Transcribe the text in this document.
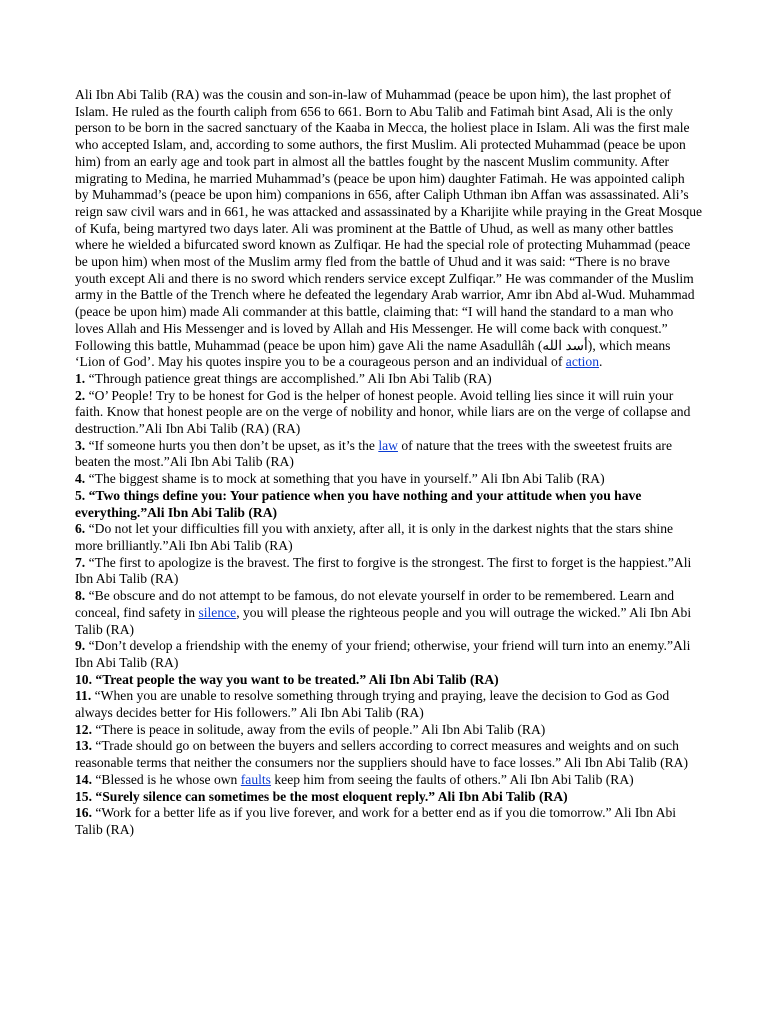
Ali Ibn Abi Talib (RA) was the cousin and son-in-law of Muhammad (peace be upon him), the last prophet of Islam. He ruled as the fourth caliph from 656 to 661. Born to Abu Talib and Fatimah bint Asad, Ali is the only person to be born in the sacred sanctuary of the Kaaba in Mecca, the holiest place in Islam. Ali was the first male who accepted Islam, and, according to some authors, the first Muslim. Ali protected Muhammad (peace be upon him) from an early age and took part in almost all the battles fought by the nascent Muslim community. After migrating to Medina, he married Muhammad’s (peace be upon him) daughter Fatimah. He was appointed caliph

by Muhammad’s (peace be upon him) companions in 656, after Caliph Uthman ibn Affan was assassinated. Ali’s reign saw civil wars and in 661, he was attacked and assassinated by a Kharijite while praying in the Great Mosque of Kufa, being martyred two days later. Ali was prominent at the Battle of Uhud, as well as many other battles where he wielded a bifurcated sword known as Zulfiqar. He had the special role of protecting Muhammad (peace be upon him) when most of the Muslim army fled from the battle of Uhud and it was said: “There is no brave youth except Ali and there is no sword which renders service except Zulfiqar.” He was commander of the Muslim army in the Battle of the Trench where he defeated the legendary Arab warrior, Amr ibn Abd al-Wud. Muhammad (peace be upon him) made Ali commander at this battle, claiming that: “I will hand the standard to a man who loves Allah and His Messenger and is loved by Allah and His Messenger. He will come back with conquest.” Following this battle, Muhammad (peace be upon him) gave Ali the name Asadullâh (أسد الله), which means ‘Lion of God’. May his quotes inspire you to be a courageous person and an individual of action.

1. “Through patience great things are accomplished.” Ali Ibn Abi Talib (RA)

2. “O’ People! Try to be honest for God is the helper of honest people. Avoid telling lies since it will ruin your faith. Know that honest people are on the verge of nobility and honor, while liars are on the verge of collapse and destruction.”Ali Ibn Abi Talib (RA) (RA)

3. “If someone hurts you then don’t be upset, as it’s the law of nature that the trees with the sweetest fruits are beaten the most.”Ali Ibn Abi Talib (RA)

4. “The biggest shame is to mock at something that you have in yourself.” Ali Ibn Abi Talib (RA)

5. “Two things define you: Your patience when you have nothing and your attitude when you have everything.”Ali Ibn Abi Talib (RA)

6. “Do not let your difficulties fill you with anxiety, after all, it is only in the darkest nights that the stars shine more brilliantly.”Ali Ibn Abi Talib (RA)

7. “The first to apologize is the bravest. The first to forgive is the strongest. The first to forget is the happiest.”Ali Ibn Abi Talib (RA)

8. “Be obscure and do not attempt to be famous, do not elevate yourself in order to be remembered. Learn and conceal, find safety in silence, you will please the righteous people and you will outrage the wicked.” Ali Ibn Abi Talib (RA)

9. “Don’t develop a friendship with the enemy of your friend; otherwise, your friend will turn into an enemy.”Ali Ibn Abi Talib (RA)

10. “Treat people the way you want to be treated.” Ali Ibn Abi Talib (RA)

11. “When you are unable to resolve something through trying and praying, leave the decision to God as God always decides better for His followers.” Ali Ibn Abi Talib (RA)

12. “There is peace in solitude, away from the evils of people.” Ali Ibn Abi Talib (RA)

13. “Trade should go on between the buyers and sellers according to correct measures and weights and on such reasonable terms that neither the consumers nor the suppliers should have to face losses.” Ali Ibn Abi Talib (RA)

14. “Blessed is he whose own faults keep him from seeing the faults of others.” Ali Ibn Abi Talib (RA)

15. “Surely silence can sometimes be the most eloquent reply.” Ali Ibn Abi Talib (RA)

16. “Work for a better life as if you live forever, and work for a better end as if you die tomorrow.” Ali Ibn Abi Talib (RA)
